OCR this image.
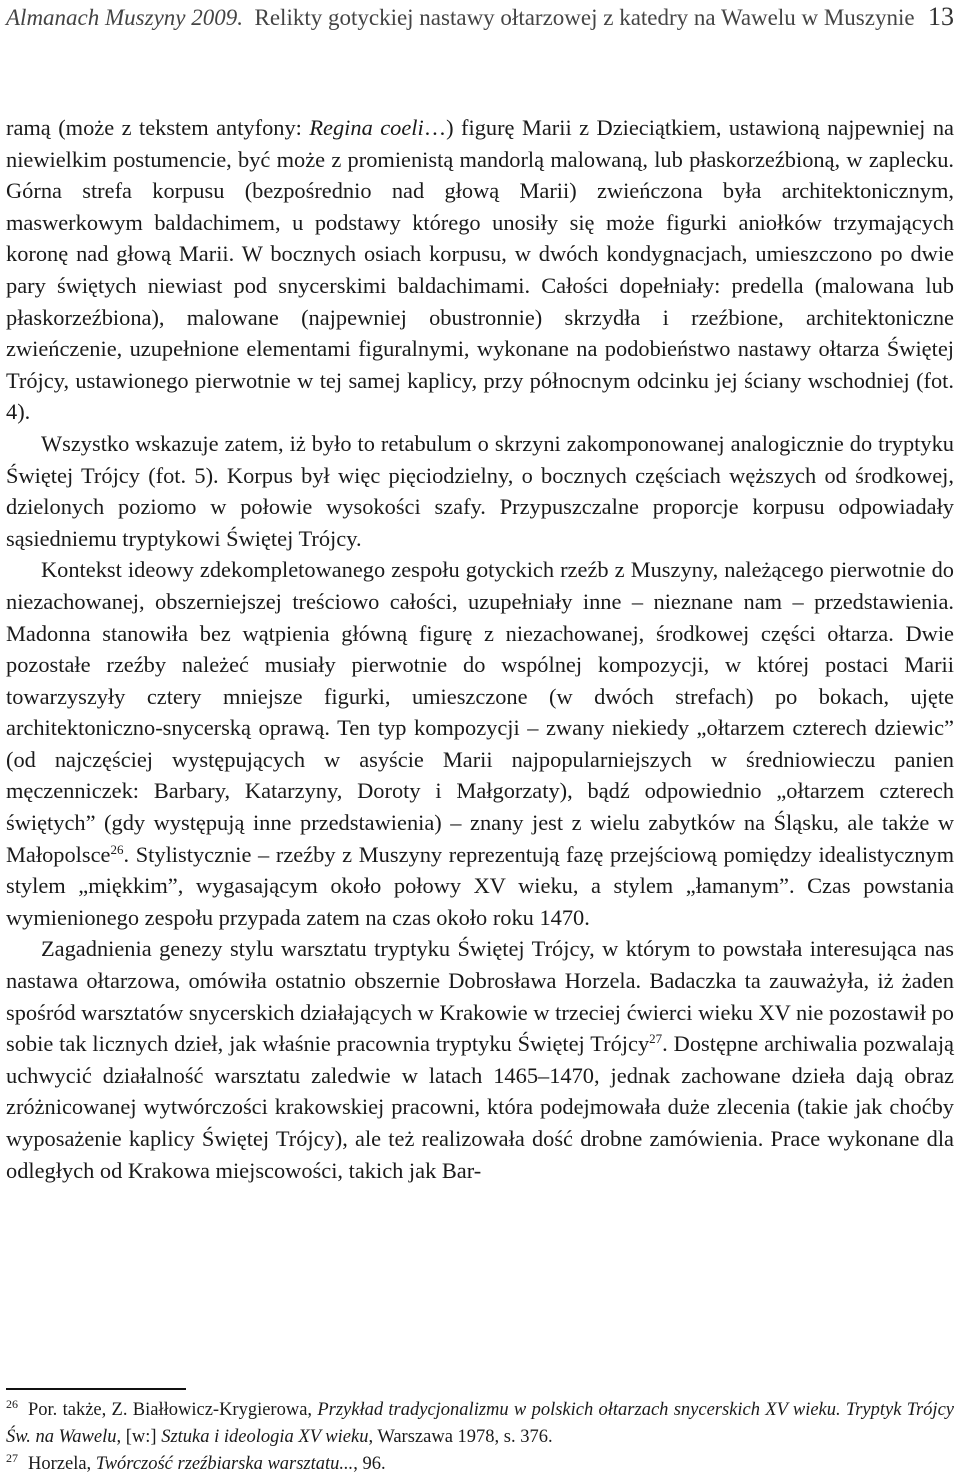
Almanach Muszyny 2009. Relikty gotyckiej nastawy ołtarzowej z katedry na Wawelu w Muszynie 13

ramą (może z tekstem antyfony: Regina coeli…) figurę Marii z Dzieciątkiem, ustawioną najpewniej na niewielkim postumencie, być może z promienistą mandorlą malowaną, lub płaskorzeźbioną, w zaplecku. Górna strefa korpusu (bezpośrednio nad głową Marii) zwieńczona była architektonicznym, maswerkowym baldachimem, u podstawy którego unosiły się może figurki aniołków trzymających koronę nad głową Marii. W bocznych osiach korpusu, w dwóch kondygnacjach, umieszczono po dwie pary świętych niewiast pod snycerskimi baldachimami. Całości dopełniały: predella (malowana lub płaskorzeźbiona), malowane (najpewniej obustronnie) skrzydła i rzeźbione, architektoniczne zwieńczenie, uzupełnione elementami figuralnymi, wykonane na podobieństwo nastawy ołtarza Świętej Trójcy, ustawionego pierwotnie w tej samej kaplicy, przy północnym odcinku jej ściany wschodniej (fot. 4).

Wszystko wskazuje zatem, iż było to retabulum o skrzyni zakomponowanej analogicznie do tryptyku Świętej Trójcy (fot. 5). Korpus był więc pięciodzielny, o bocznych częściach węższych od środkowej, dzielonych poziomo w połowie wysokości szafy. Przypuszczalne proporcje korpusu odpowiadały sąsiedniemu tryptykowi Świętej Trójcy.

Kontekst ideowy zdekompletowanego zespołu gotyckich rzeźb z Muszyny, należącego pierwotnie do niezachowanej, obszerniejszej treściowo całości, uzupełniały inne – nieznane nam – przedstawienia. Madonna stanowiła bez wątpienia główną figurę z niezachowanej, środkowej części ołtarza. Dwie pozostałe rzeźby należeć musiały pierwotnie do wspólnej kompozycji, w której postaci Marii towarzyszyły cztery mniejsze figurki, umieszczone (w dwóch strefach) po bokach, ujęte architektoniczno-snycerską oprawą. Ten typ kompozycji – zwany niekiedy „ołtarzem czterech dziewic” (od najczęściej występujących w asyście Marii najpopularniejszych w średniowieczu panien męczenniczek: Barbary, Katarzyny, Doroty i Małgorzaty), bądź odpowiednio „ołtarzem czterech świętych” (gdy występują inne przedstawienia) – znany jest z wielu zabytków na Śląsku, ale także w Małopolsce$^{26}$. Stylistycznie – rzeźby z Muszyny reprezentują fazę przejściową pomiędzy idealistycznym stylem „miękkim”, wygasającym około połowy XV wieku, a stylem „łamanym”. Czas powstania wymienionego zespołu przypada zatem na czas około roku 1470.

Zagadnienia genezy stylu warsztatu tryptyku Świętej Trójcy, w którym to powstała interesująca nas nastawa ołtarzowa, omówiła ostatnio obszernie Dobrosława Horzela. Badaczka ta zauważyła, iż żaden spośród warsztatów snycerskich działających w Krakowie w trzeciej ćwierci wieku XV nie pozostawił po sobie tak licznych dzieł, jak właśnie pracownia tryptyku Świętej Trójcy$^{27}$. Dostępne archiwalia pozwalają uchwycić działalność warsztatu zaledwie w latach 1465–1470, jednak zachowane dzieła dają obraz zróżnicowanej wytwórczości krakowskiej pracowni, która podejmowała duże zlecenia (takie jak choćby wyposażenie kaplicy Świętej Trójcy), ale też realizowała dość drobne zamówienia. Prace wykonane dla odległych od Krakowa miejscowości, takich jak Bar-

$^{26}$ Por. także, Z. Białłowicz-Krygierowa, Przykład tradycjonalizmu w polskich ołtarzach snycerskich XV wieku. Tryptyk Trójcy Św. na Wawelu, [w:] Sztuka i ideologia XV wieku, Warszawa 1978, s. 376.

$^{27}$ Horzela, Twórczość rzeźbiarska warsztatu..., 96.
